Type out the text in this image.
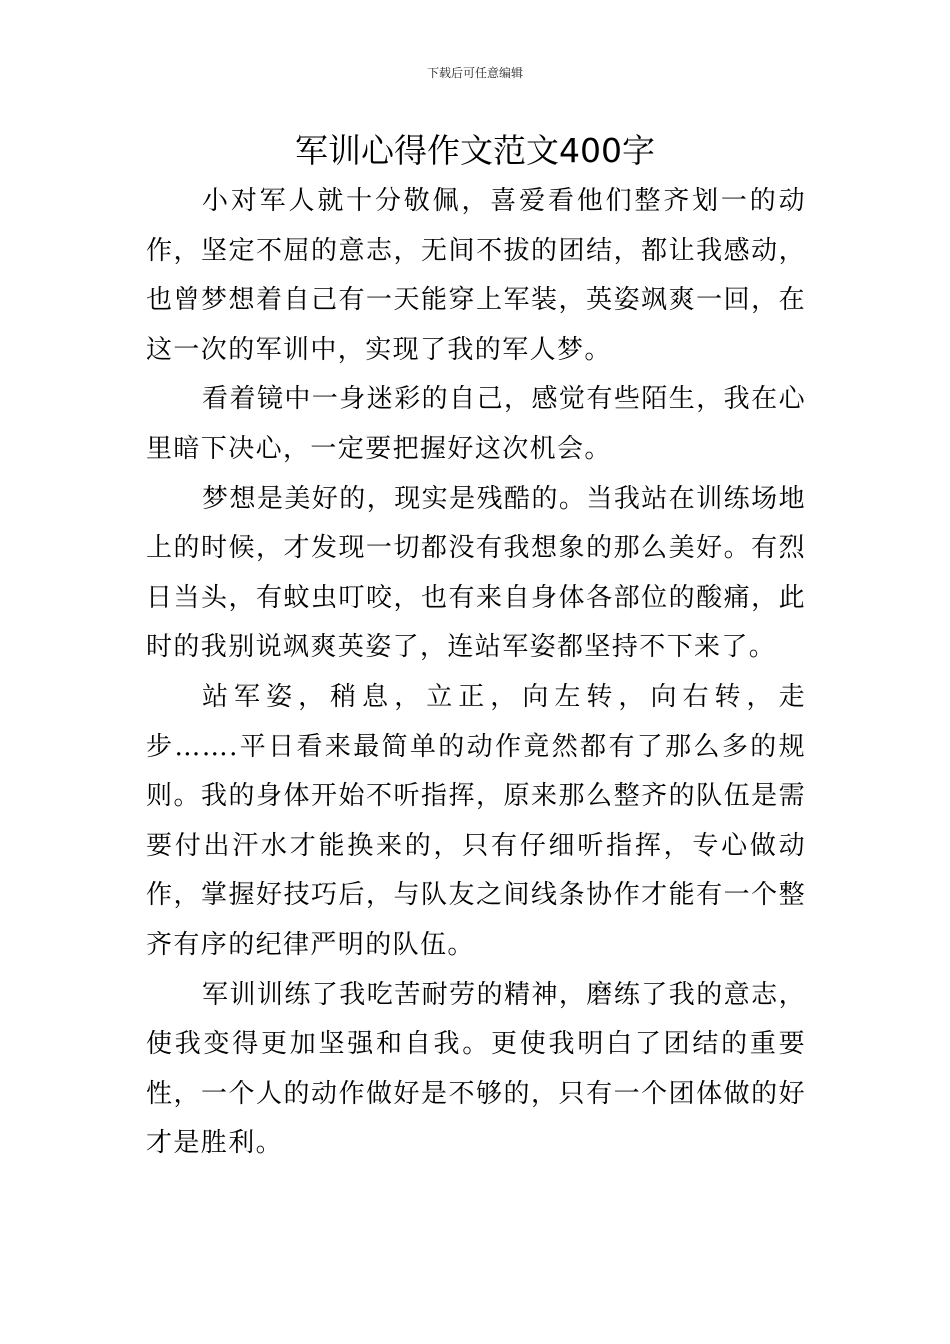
下载后可任意编辑
军训心得作文范文400字

小对军人就十分敬佩，喜爱看他们整齐划一的动作，坚定不屈的意志，无间不拔的团结，都让我感动，也曾梦想着自己有一天能穿上军装，英姿飒爽一回，在这一次的军训中，实现了我的军人梦。

看着镜中一身迷彩的自己，感觉有些陌生，我在心里暗下决心，一定要把握好这次机会。

梦想是美好的，现实是残酷的。当我站在训练场地上的时候，才发现一切都没有我想象的那么美好。有烈日当头，有蚊虫叮咬，也有来自身体各部位的酸痛，此时的我别说飒爽英姿了，连站军姿都坚持不下来了。

站军姿，稍息，立正，向左转，向右转，走步…….平日看来最简单的动作竟然都有了那么多的规则。我的身体开始不听指挥，原来那么整齐的队伍是需要付出汗水才能换来的，只有仔细听指挥，专心做动作，掌握好技巧后，与队友之间线条协作才能有一个整齐有序的纪律严明的队伍。

军训训练了我吃苦耐劳的精神，磨练了我的意志，使我变得更加坚强和自我。更使我明白了团结的重要性，一个人的动作做好是不够的，只有一个团体做的好才是胜利。
